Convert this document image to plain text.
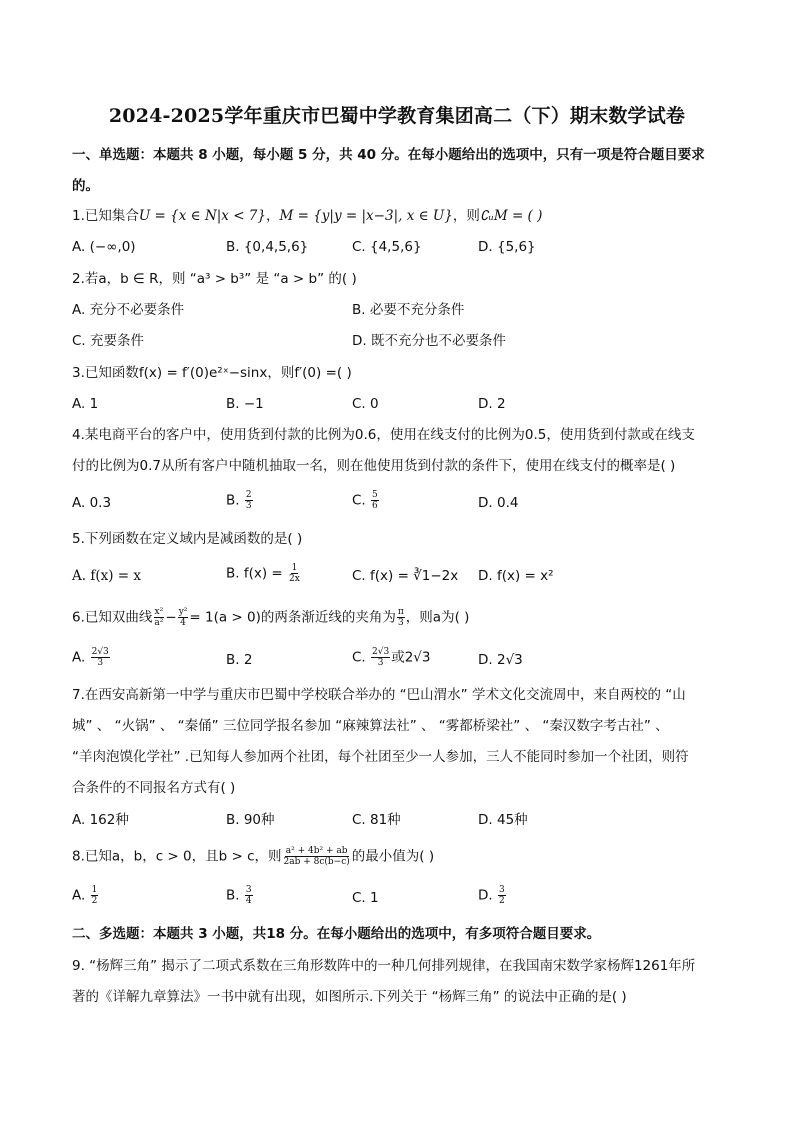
2024-2025学年重庆市巴蜀中学教育集团高二（下）期末数学试卷
一、单选题：本题共 8 小题，每小题 5 分，共 40 分。在每小题给出的选项中，只有一项是符合题目要求
的。
1.已知集合U = {x ∈ N|x < 7}，M = {y|y = |x−3|, x ∈ U}，则∁ᵤM = ( )
A. (−∞,0)	B. {0,4,5,6}	C. {4,5,6}	D. {5,6}
2.若a，b ∈ R，则 “a³ > b³” 是 “a > b” 的( )
A. 充分不必要条件	B. 必要不充分条件
C. 充要条件	D. 既不充分也不必要条件
3.已知函数f(x) = f′(0)e²ˣ−sinx，则f′(0) =( )
A. 1	B. −1	C. 0	D. 2
4.某电商平台的客户中，使用货到付款的比例为0.6，使用在线支付的比例为0.5，使用货到付款或在线支
付的比例为0.7从所有客户中随机抽取一名，则在他使用货到付款的条件下，使用在线支付的概率是( )
A. 0.3	B. $\frac{2}{3}$	C. $\frac{5}{6}$	D. 0.4
5.下列函数在定义域内是减函数的是( )
A. f(x) = x	B. $f(x) = \frac{1}{2x}$	C. f(x) = ∛1−2x D. f(x) = x²
6.已知双曲线 $\frac{\text{x²}}{\text{a²}} - \frac{\text{y²}}{4} = 1(a > 0)$的两条渐近线的夹角为 $\frac{\pi}{3}$ ，则a为( )
A. $\frac{2√3}{3}$	B. 2	C. $\frac{2√3}{3}$ 或2√3	D. 2√3
7.在西安高新第一中学与重庆市巴蜀中学校联合举办的 “巴山渭水” 学术文化交流周中，来自两校的 “山
城” 、 “火锅” 、 “秦俑” 三位同学报名参加 “麻辣算法社” 、 “雾都桥梁社” 、 “秦汉数字考古社” 、
“羊肉泡馍化学社” .已知每人参加两个社团，每个社团至少一人参加，三人不能同时参加一个社团，则符
合条件的不同报名方式有( )
A. 162种	B. 90种	C. 81种	D. 45种
8.已知a，b，c > 0，且b > c，则 $\frac{\text{a² + 4b² + ab}}{2ab + 8c(b-c)}$ 的最小值为( )
A. $\frac{1}{2}$	B. $\frac{3}{4}$	C. 1	D. $\frac{3}{2}$
二、多选题：本题共 3 小题，共18 分。在每小题给出的选项中，有多项符合题目要求。
9. “杨辉三角” 揭示了二项式系数在三角形数阵中的一种几何排列规律，在我国南宋数学家杨辉1261年所
著的《详解九章算法》一书中就有出现，如图所示.下列关于 “杨辉三角” 的说法中正确的是( )
